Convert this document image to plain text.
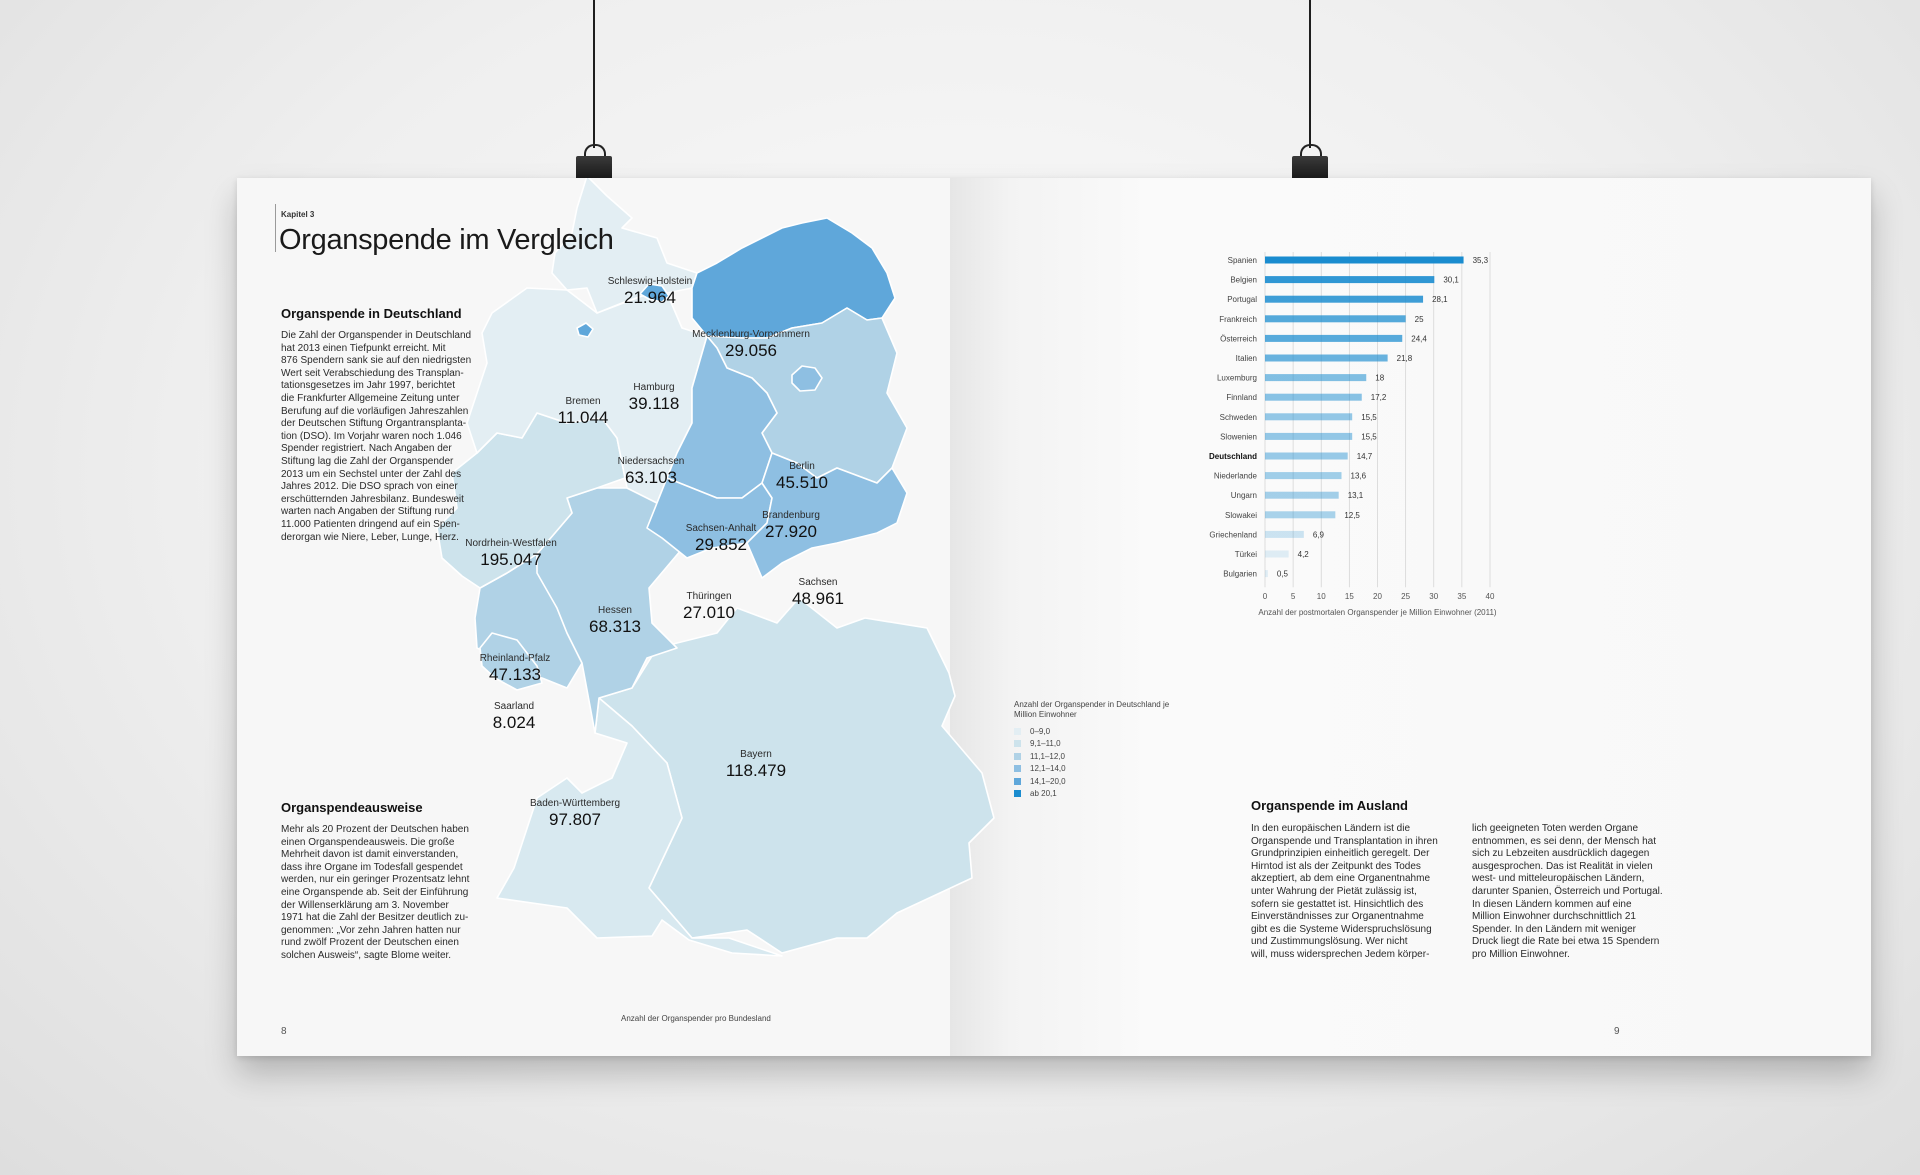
Kapitel 3
Organspende im Vergleich
Organspende in Deutschland
Die Zahl der Organspender in Deutschland
hat 2013 einen Tiefpunkt erreicht. Mit
876 Spendern sank sie auf den niedrigsten
Wert seit Verabschiedung des Transplan-
tationsgesetzes im Jahr 1997, berichtet
die Frankfurter Allgemeine Zeitung unter
Berufung auf die vorläufigen Jahreszahlen
der Deutschen Stiftung Organtransplanta-
tion (DSO). Im Vorjahr waren noch 1.046
Spender registriert. Nach Angaben der
Stiftung lag die Zahl der Organspender
2013 um ein Sechstel unter der Zahl des
Jahres 2012. Die DSO sprach von einer
erschütternden Jahresbilanz. Bundesweit
warten nach Angaben der Stiftung rund
11.000 Patienten dringend auf ein Spen-
derorgan wie Niere, Leber, Lunge, Herz.
Organspendeausweise
Mehr als 20 Prozent der Deutschen haben
einen Organspendeausweis. Die große
Mehrheit davon ist damit einverstanden,
dass ihre Organe im Todesfall gespendet
werden, nur ein geringer Prozentsatz lehnt
eine Organspende ab. Seit der Einführung
der Willenserklärung am 3. November
1971 hat die Zahl der Besitzer deutlich zu-
genommen: „Vor zehn Jahren hatten nur
rund zwölf Prozent der Deutschen einen
solchen Ausweis“, sagte Blome weiter.
8
Anzahl der Organspender pro Bundesland
Schleswig-Holstein
21.964
Mecklenburg-Vorpommern
29.056
Hamburg
39.118
Bremen
11.044
Niedersachsen
63.103
Berlin
45.510
Brandenburg
27.920
Sachsen-Anhalt
29.852
Nordrhein-Westfalen
195.047
Sachsen
48.961
Thüringen
27.010
Hessen
68.313
Rheinland-Pfalz
47.133
Saarland
8.024
Bayern
118.479
Baden-Württemberg
97.807
Anzahl der Organspender in Deutschland je Million Einwohner
0–9,0
9,1–11,0
11,1–12,0
12,1–14,0
14,1–20,0
ab 20,1
0	5	10 15 20 25 30 35 40
Spanien	35,3
Belgien	30,1
Portugal	28,1
Frankreich	25
Österreich	24,4
Italien	21,8
Luxemburg	18
Finnland	17,2
Schweden	15,5
Slowenien	15,5
Deutschland	14,7
Niederlande	13,6
Ungarn	13,1
Slowakei	12,5
Griechenland	6,9
Türkei	4,2
Bulgarien 0,5
Anzahl der postmortalen Organspender je Million Einwohner (2011)
Organspende im Ausland
In den europäischen Ländern ist die
Organspende und Transplantation in ihren
Grundprinzipien einheitlich geregelt. Der
Hirntod ist als der Zeitpunkt des Todes
akzeptiert, ab dem eine Organentnahme
unter Wahrung der Pietät zulässig ist,
sofern sie gestattet ist. Hinsichtlich des
Einverständnisses zur Organentnahme
gibt es die Systeme Widerspruchslösung
und Zustimmungslösung. Wer nicht
will, muss widersprechen Jedem körper-
lich geeigneten Toten werden Organe
entnommen, es sei denn, der Mensch hat
sich zu Lebzeiten ausdrücklich dagegen
ausgesprochen. Das ist Realität in vielen
west- und mitteleuropäischen Ländern,
darunter Spanien, Österreich und Portugal.
In diesen Ländern kommen auf eine
Million Einwohner durchschnittlich 21
Spender. In den Ländern mit weniger
Druck liegt die Rate bei etwa 15 Spendern
pro Million Einwohner.
9
